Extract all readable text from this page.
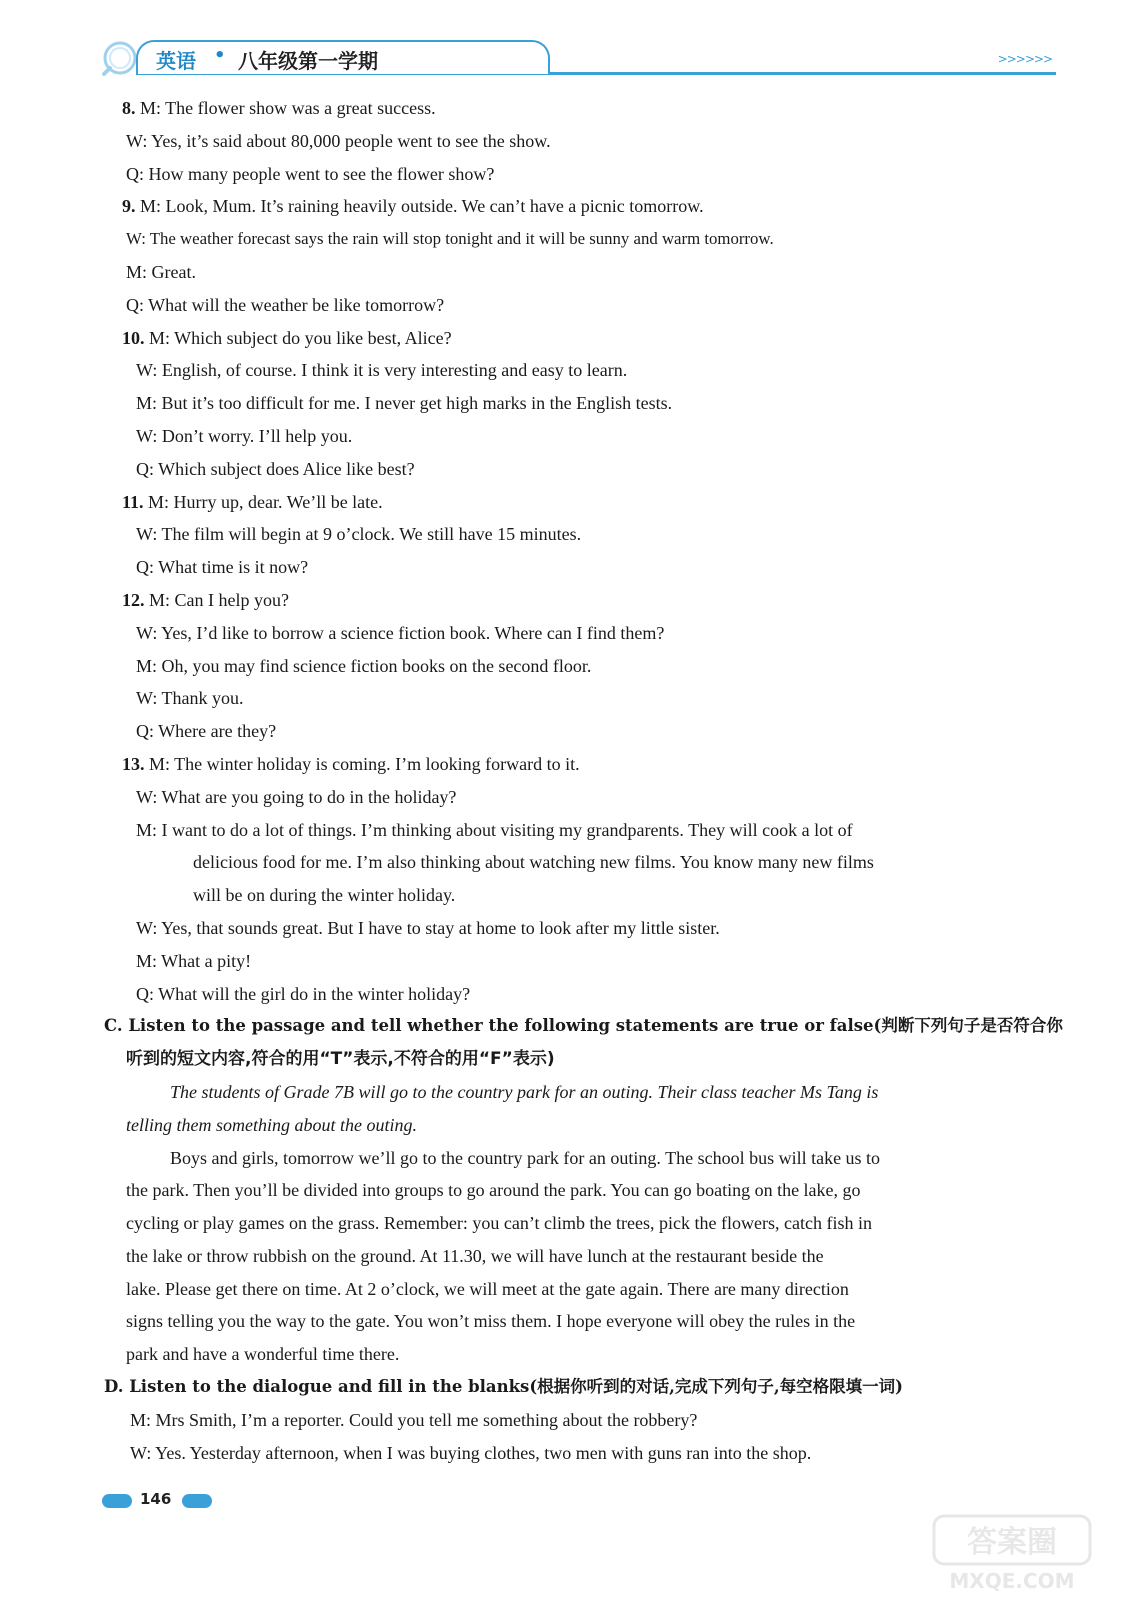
英语 • 八年级第一学期	>>>>>>
8. M: The flower show was a great success.
W: Yes, it’s said about 80,000 people went to see the show.
Q: How many people went to see the flower show?
9. M: Look, Mum. It’s raining heavily outside. We can’t have a picnic tomorrow.
W: The weather forecast says the rain will stop tonight and it will be sunny and warm tomorrow.
M: Great.
Q: What will the weather be like tomorrow?
10. M: Which subject do you like best, Alice?
W: English, of course. I think it is very interesting and easy to learn.
M: But it’s too difficult for me. I never get high marks in the English tests.
W: Don’t worry. I’ll help you.
Q: Which subject does Alice like best?
11. M: Hurry up, dear. We’ll be late.
W: The film will begin at 9 o’clock. We still have 15 minutes.
Q: What time is it now?
12. M: Can I help you?
W: Yes, I’d like to borrow a science fiction book. Where can I find them?
M: Oh, you may find science fiction books on the second floor.
W: Thank you.
Q: Where are they?
13. M: The winter holiday is coming. I’m looking forward to it.
W: What are you going to do in the holiday?
M: I want to do a lot of things. I’m thinking about visiting my grandparents. They will cook a lot of
delicious food for me. I’m also thinking about watching new films. You know many new films
will be on during the winter holiday.
W: Yes, that sounds great. But I have to stay at home to look after my little sister.
M: What a pity!
Q: What will the girl do in the winter holiday?
C. Listen to the passage and tell whether the following statements are true or false(判断下列句子是否符合你
听到的短文内容,符合的用“T”表示,不符合的用“F”表示)
The students of Grade 7B will go to the country park for an outing. Their class teacher Ms Tang is
telling them something about the outing.
Boys and girls, tomorrow we’ll go to the country park for an outing. The school bus will take us to
the park. Then you’ll be divided into groups to go around the park. You can go boating on the lake, go
cycling or play games on the grass. Remember: you can’t climb the trees, pick the flowers, catch fish in
the lake or throw rubbish on the ground. At 11.30, we will have lunch at the restaurant beside the
lake. Please get there on time. At 2 o’clock, we will meet at the gate again. There are many direction
signs telling you the way to the gate. You won’t miss them. I hope everyone will obey the rules in the
park and have a wonderful time there.
D. Listen to the dialogue and fill in the blanks(根据你听到的对话,完成下列句子,每空格限填一词)
M: Mrs Smith, I’m a reporter. Could you tell me something about the robbery?
W: Yes. Yesterday afternoon, when I was buying clothes, two men with guns ran into the shop.
146
答案圈
MXQE.COM
